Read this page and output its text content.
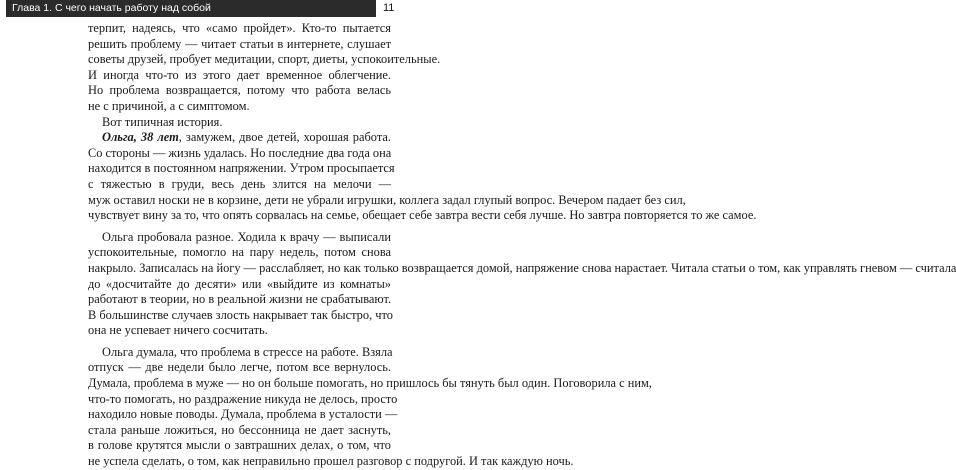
Глава 1. С чего начать работу над собой	11
терпит, надеясь, что «само пройдет». Кто-то пытается
решить проблему — читает статьи в интернете, слушает
советы друзей, пробует медитации, спорт, диеты, успокоительные.
И иногда что-то из этого дает временное облегчение.
Но проблема возвращается, потому что работа велась
не с причиной, а с симптомом.
Вот типичная история.
Ольга, 38 лет, замужем, двое детей, хорошая работа.
Со стороны — жизнь удалась. Но последние два года она
находится в постоянном напряжении. Утром просыпается
с тяжестью в груди, весь день злится на мелочи —
муж оставил носки не в корзине, дети не убрали игрушки, коллега задал глупый вопрос. Вечером падает без сил,
чувствует вину за то, что опять сорвалась на семье, обещает себе завтра вести себя лучше. Но завтра повторяется то же самое.
Ольга пробовала разное. Ходила к врачу — выписали
успокоительные, помогло на пару недель, потом снова
накрыло. Записалась на йогу — расслабляет, но как только возвращается домой, напряжение снова нарастает. Читала статьи о том, как управлять гневом — считала
до «досчитайте до десяти» или «выйдите из комнаты»
работают в теории, но в реальной жизни не срабатывают.
В большинстве случаев злость накрывает так быстро, что
она не успевает ничего сосчитать.
Ольга думала, что проблема в стрессе на работе. Взяла
отпуск — две недели было легче, потом все вернулось.
Думала, проблема в муже — но он больше помогать, но пришлось бы тянуть был один. Поговорила с ним,
что-то помогать, но раздражение никуда не делось, просто
находило новые поводы. Думала, проблема в усталости —
стала раньше ложиться, но бессонница не дает заснуть,
в голове крутятся мысли о завтрашних делах, о том, что
не успела сделать, о том, как неправильно прошел разговор с подругой. И так каждую ночь.
